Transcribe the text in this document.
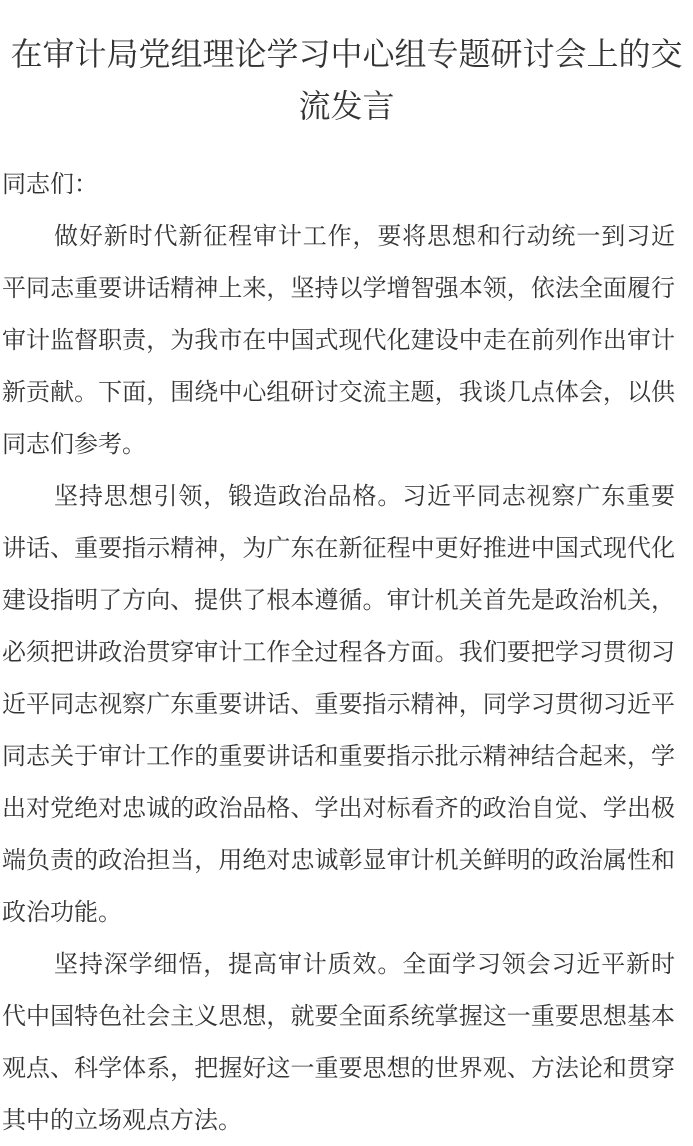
在审计局党组理论学习中心组专题研讨会上的交流发言

同志们：

做好新时代新征程审计工作，要将思想和行动统一到习近平同志重要讲话精神上来，坚持以学增智强本领，依法全面履行审计监督职责，为我市在中国式现代化建设中走在前列作出审计新贡献。下面，围绕中心组研讨交流主题，我谈几点体会，以供同志们参考。

坚持思想引领，锻造政治品格。习近平同志视察广东重要讲话、重要指示精神，为广东在新征程中更好推进中国式现代化建设指明了方向、提供了根本遵循。审计机关首先是政治机关，必须把讲政治贯穿审计工作全过程各方面。我们要把学习贯彻习近平同志视察广东重要讲话、重要指示精神，同学习贯彻习近平同志关于审计工作的重要讲话和重要指示批示精神结合起来，学出对党绝对忠诚的政治品格、学出对标看齐的政治自觉、学出极端负责的政治担当，用绝对忠诚彰显审计机关鲜明的政治属性和政治功能。

坚持深学细悟，提高审计质效。全面学习领会习近平新时代中国特色社会主义思想，就要全面系统掌握这一重要思想基本观点、科学体系，把握好这一重要思想的世界观、方法论和贯穿其中的立场观点方法。
